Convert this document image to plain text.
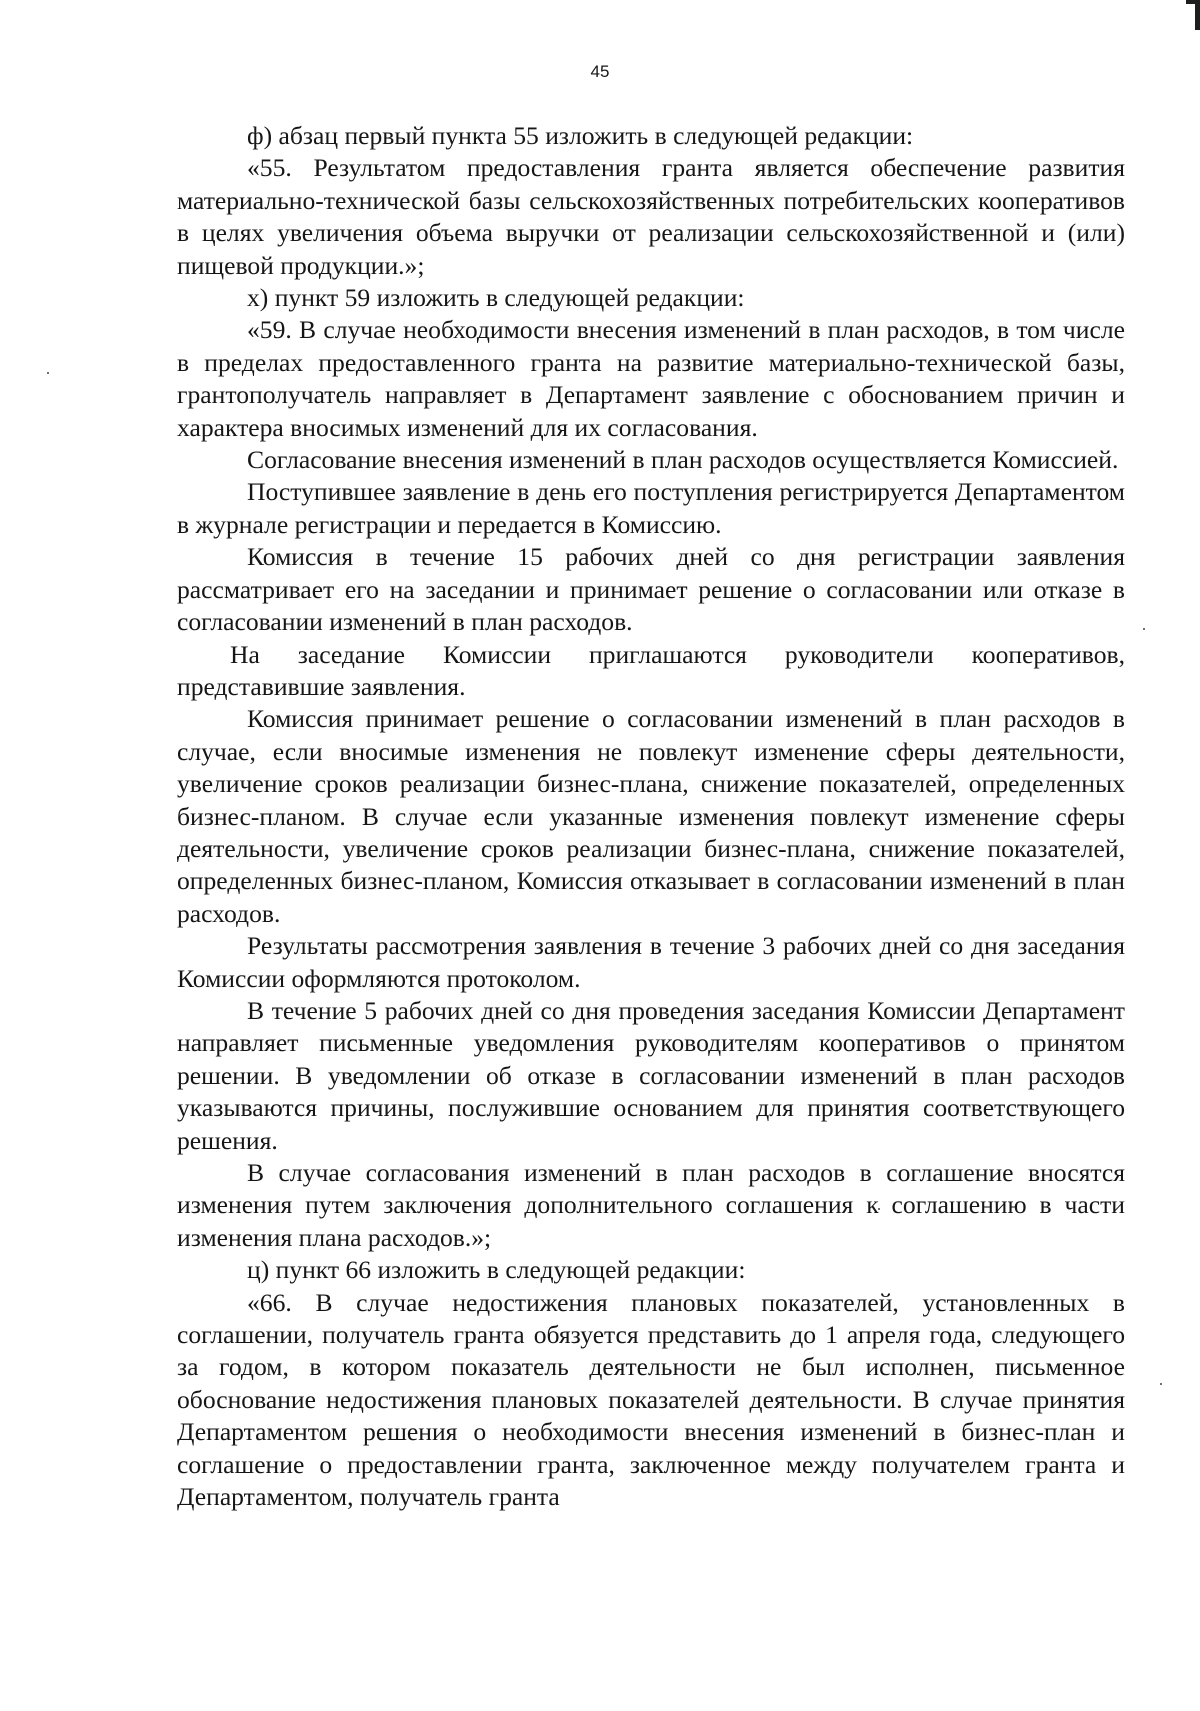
45

ф) абзац первый пункта 55 изложить в следующей редакции:

«55. Результатом предоставления гранта является обеспечение развития материально-технической базы сельскохозяйственных потребительских кооперативов в целях увеличения объема выручки от реализации сельскохозяйственной и (или) пищевой продукции.»;

х) пункт 59 изложить в следующей редакции:

«59. В случае необходимости внесения изменений в план расходов, в том числе в пределах предоставленного гранта на развитие материально-технической базы, грантополучатель направляет в Департамент заявление с обоснованием причин и характера вносимых изменений для их согласования.

Согласование внесения изменений в план расходов осуществляется Комиссией.

Поступившее заявление в день его поступления регистрируется Департаментом в журнале регистрации и передается в Комиссию.

Комиссия в течение 15 рабочих дней со дня регистрации заявления рассматривает его на заседании и принимает решение о согласовании или отказе в согласовании изменений в план расходов.

На заседание Комиссии приглашаются руководители кооперативов, представившие заявления.

Комиссия принимает решение о согласовании изменений в план расходов в случае, если вносимые изменения не повлекут изменение сферы деятельности, увеличение сроков реализации бизнес-плана, снижение показателей, определенных бизнес-планом. В случае если указанные изменения повлекут изменение сферы деятельности, увеличение сроков реализации бизнес-плана, снижение показателей, определенных бизнес-планом, Комиссия отказывает в согласовании изменений в план расходов.

Результаты рассмотрения заявления в течение 3 рабочих дней со дня заседания Комиссии оформляются протоколом.

В течение 5 рабочих дней со дня проведения заседания Комиссии Департамент направляет письменные уведомления руководителям кооперативов о принятом решении. В уведомлении об отказе в согласовании изменений в план расходов указываются причины, послужившие основанием для принятия соответствующего решения.

В случае согласования изменений в план расходов в соглашение вносятся изменения путем заключения дополнительного соглашения к соглашению в части изменения плана расходов.»;

ц) пункт 66 изложить в следующей редакции:

«66. В случае недостижения плановых показателей, установленных в соглашении, получатель гранта обязуется представить до 1 апреля года, следующего за годом, в котором показатель деятельности не был исполнен, письменное обоснование недостижения плановых показателей деятельности. В случае принятия Департаментом решения о необходимости внесения изменений в бизнес-план и соглашение о предоставлении гранта, заключенное между получателем гранта и Департаментом, получатель гранта
